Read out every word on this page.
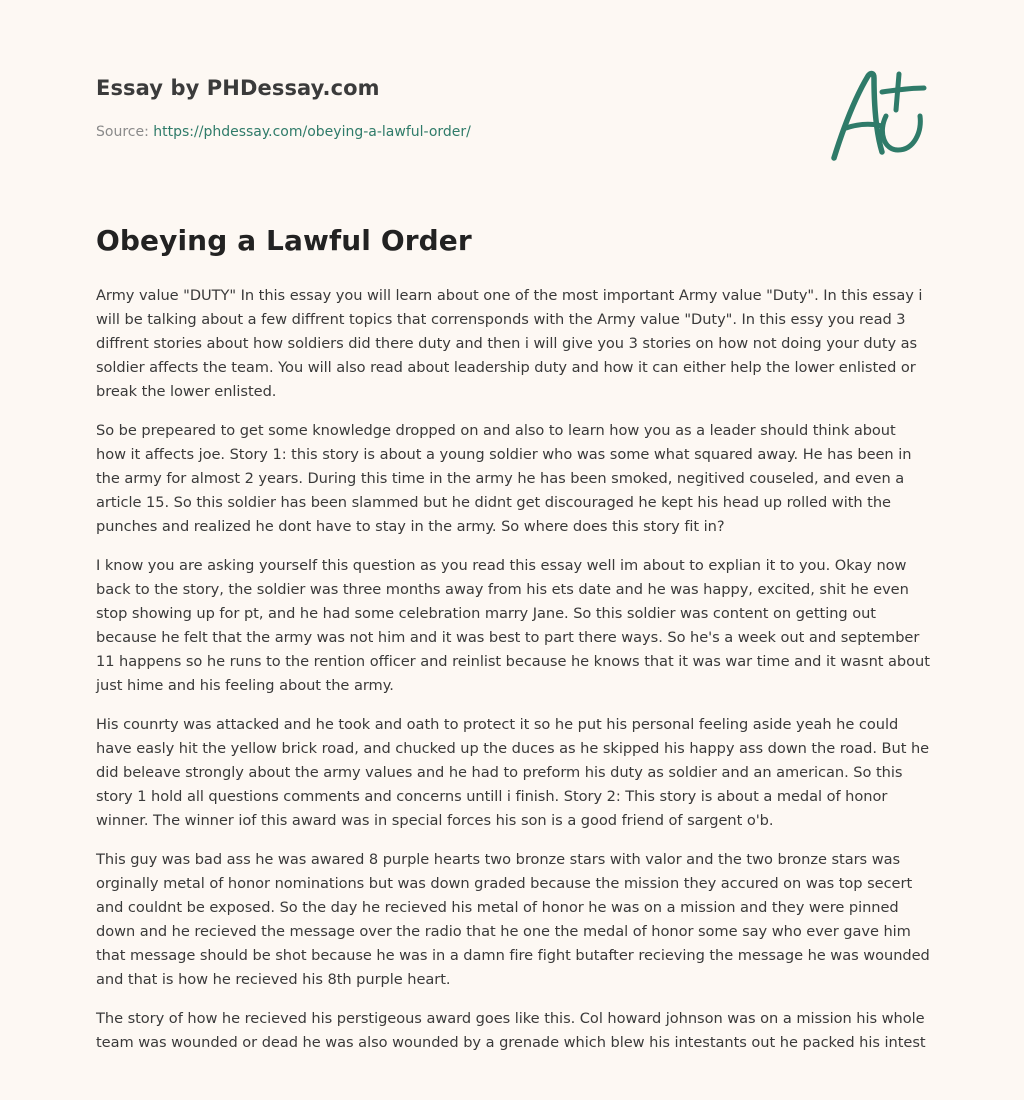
Essay by PHDessay.com
Source: https://phdessay.com/obeying-a-lawful-order/
Obeying a Lawful Order

Army value "DUTY" In this essay you will learn about one of the most important Army value "Duty". In this essay i will be talking about a few diffrent topics that corrensponds with the Army value "Duty". In this essy you read 3 diffrent stories about how soldiers did there duty and then i will give you 3 stories on how not doing your duty as soldier affects the team. You will also read about leadership duty and how it can either help the lower enlisted or break the lower enlisted.

So be prepeared to get some knowledge dropped on and also to learn how you as a leader should think about how it affects joe. Story 1: this story is about a young soldier who was some what squared away. He has been in the army for almost 2 years. During this time in the army he has been smoked, negitived couseled, and even a article 15. So this soldier has been slammed but he didnt get discouraged he kept his head up rolled with the punches and realized he dont have to stay in the army. So where does this story fit in?

I know you are asking yourself this question as you read this essay well im about to explian it to you. Okay now back to the story, the soldier was three months away from his ets date and he was happy, excited, shit he even stop showing up for pt, and he had some celebration marry Jane. So this soldier was content on getting out because he felt that the army was not him and it was best to part there ways. So he's a week out and september 11 happens so he runs to the rention officer and reinlist because he knows that it was war time and it wasnt about just hime and his feeling about the army.

His counrty was attacked and he took and oath to protect it so he put his personal feeling aside yeah he could have easly hit the yellow brick road, and chucked up the duces as he skipped his happy ass down the road. But he did beleave strongly about the army values and he had to preform his duty as soldier and an american. So this story 1 hold all questions comments and concerns untill i finish. Story 2: This story is about a medal of honor winner. The winner iof this award was in special forces his son is a good friend of sargent o'b.

This guy was bad ass he was awared 8 purple hearts two bronze stars with valor and the two bronze stars was orginally metal of honor nominations but was down graded because the mission they accured on was top secert and couldnt be exposed. So the day he recieved his metal of honor he was on a mission and they were pinned down and he recieved the message over the radio that he one the medal of honor some say who ever gave him that message should be shot because he was in a damn fire fight butafter recieving the message he was wounded and that is how he recieved his 8th purple heart.

The story of how he recieved his perstigeous award goes like this. Col howard johnson was on a mission his whole team was wounded or dead he was also wounded by a grenade which blew his intestants out he packed his intest
